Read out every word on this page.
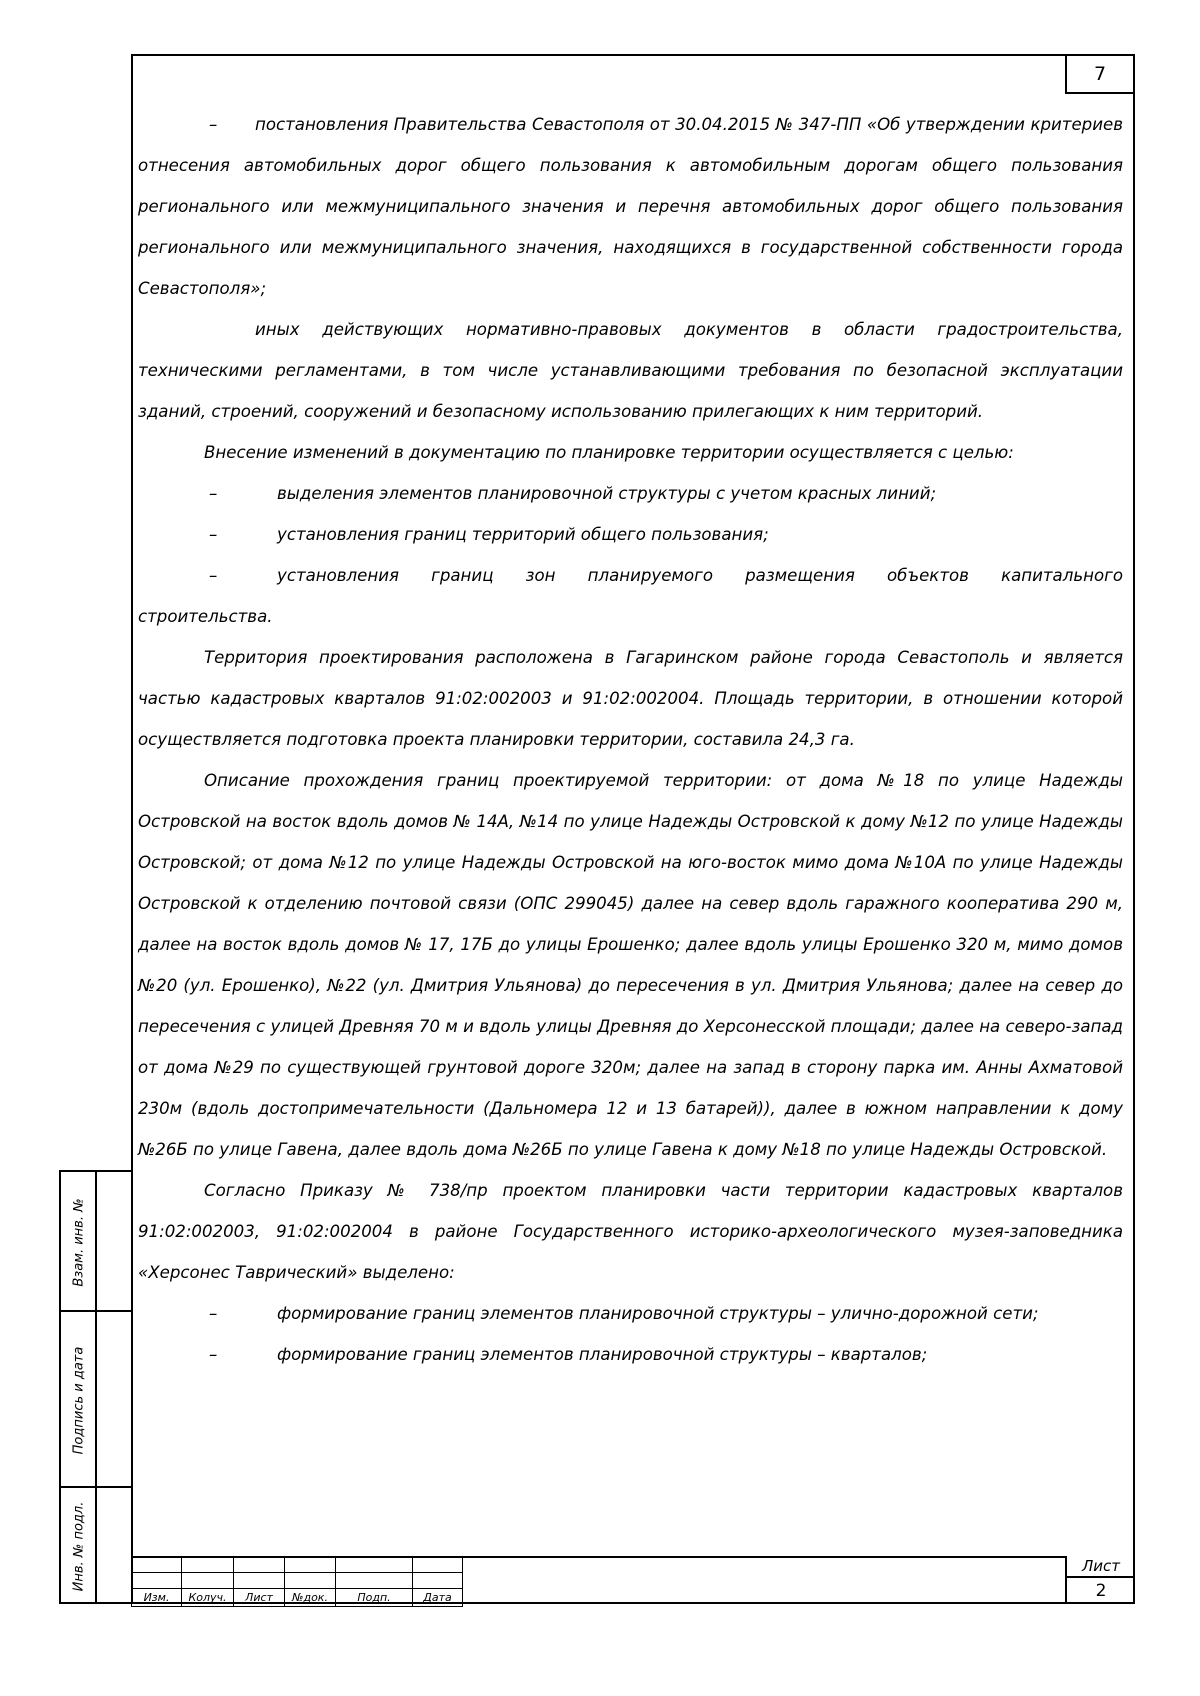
7
–	постановления Правительства Севастополя от 30.04.2015 № 347-ПП «Об утверждении критериев отнесения автомобильных дорог общего пользования к автомобильным дорогам общего пользования регионального или межмуниципального значения и перечня автомобильных дорог общего пользования регионального или межмуниципального значения, находящихся в государственной собственности города Севастополя»;

иных действующих нормативно-правовых документов в области градостроительства, техническими регламентами, в том числе устанавливающими требования по безопасной эксплуатации зданий, строений, сооружений и безопасному использованию прилегающих к ним территорий.

Внесение изменений в документацию по планировке территории осуществляется с целью:

–	выделения элементов планировочной структуры с учетом красных линий;
–	установления границ территорий общего пользования;
–	установления границ зон планируемого размещения объектов капитального

строительства.

Территория проектирования расположена в Гагаринском районе города Севастополь и является частью кадастровых кварталов 91:02:002003 и 91:02:002004. Площадь территории, в отношении которой осуществляется подготовка проекта планировки территории, составила 24,3 га.

Описание прохождения границ проектируемой территории: от дома №18 по улице Надежды Островской на восток вдоль домов № 14А, №14 по улице Надежды Островской к дому №12 по улице Надежды Островской; от дома №12 по улице Надежды Островской на юго-восток мимо дома №10А по улице Надежды Островской к отделению почтовой связи (ОПС 299045) далее на север вдоль гаражного кооператива 290 м, далее на восток вдоль домов № 17, 17Б до улицы Ерошенко; далее вдоль улицы Ерошенко 320 м, мимо домов №20 (ул. Ерошенко), №22 (ул. Дмитрия Ульянова) до пересечения в ул. Дмитрия Ульянова; далее на север до пересечения с улицей Древняя 70 м и вдоль улицы Древняя до Херсонесской площади; далее на северо-запад от дома №29 по существующей грунтовой дороге 320м; далее на запад в сторону парка им. Анны Ахматовой 230м (вдоль достопримечательности (Дальномера 12 и 13 батарей)), далее в южном направлении к дому №26Б по улице Гавена, далее вдоль дома №26Б по улице Гавена к дому №18 по улице Надежды Островской.

Согласно Приказу № 738/пр проектом планировки части территории кадастровых кварталов 91:02:002003, 91:02:002004 в районе Государственного историко-археологического музея-заповедника «Херсонес Таврический» выделено:

–	формирование границ элементов планировочной структуры – улично-дорожной сети;
–	формирование границ элементов планировочной структуры – кварталов;
Взам. инв. №
Подпись и дата
Инв. № подл.

Изм.	Колуч.	Лист	№док.	Подп.	Дата
Лист
2
